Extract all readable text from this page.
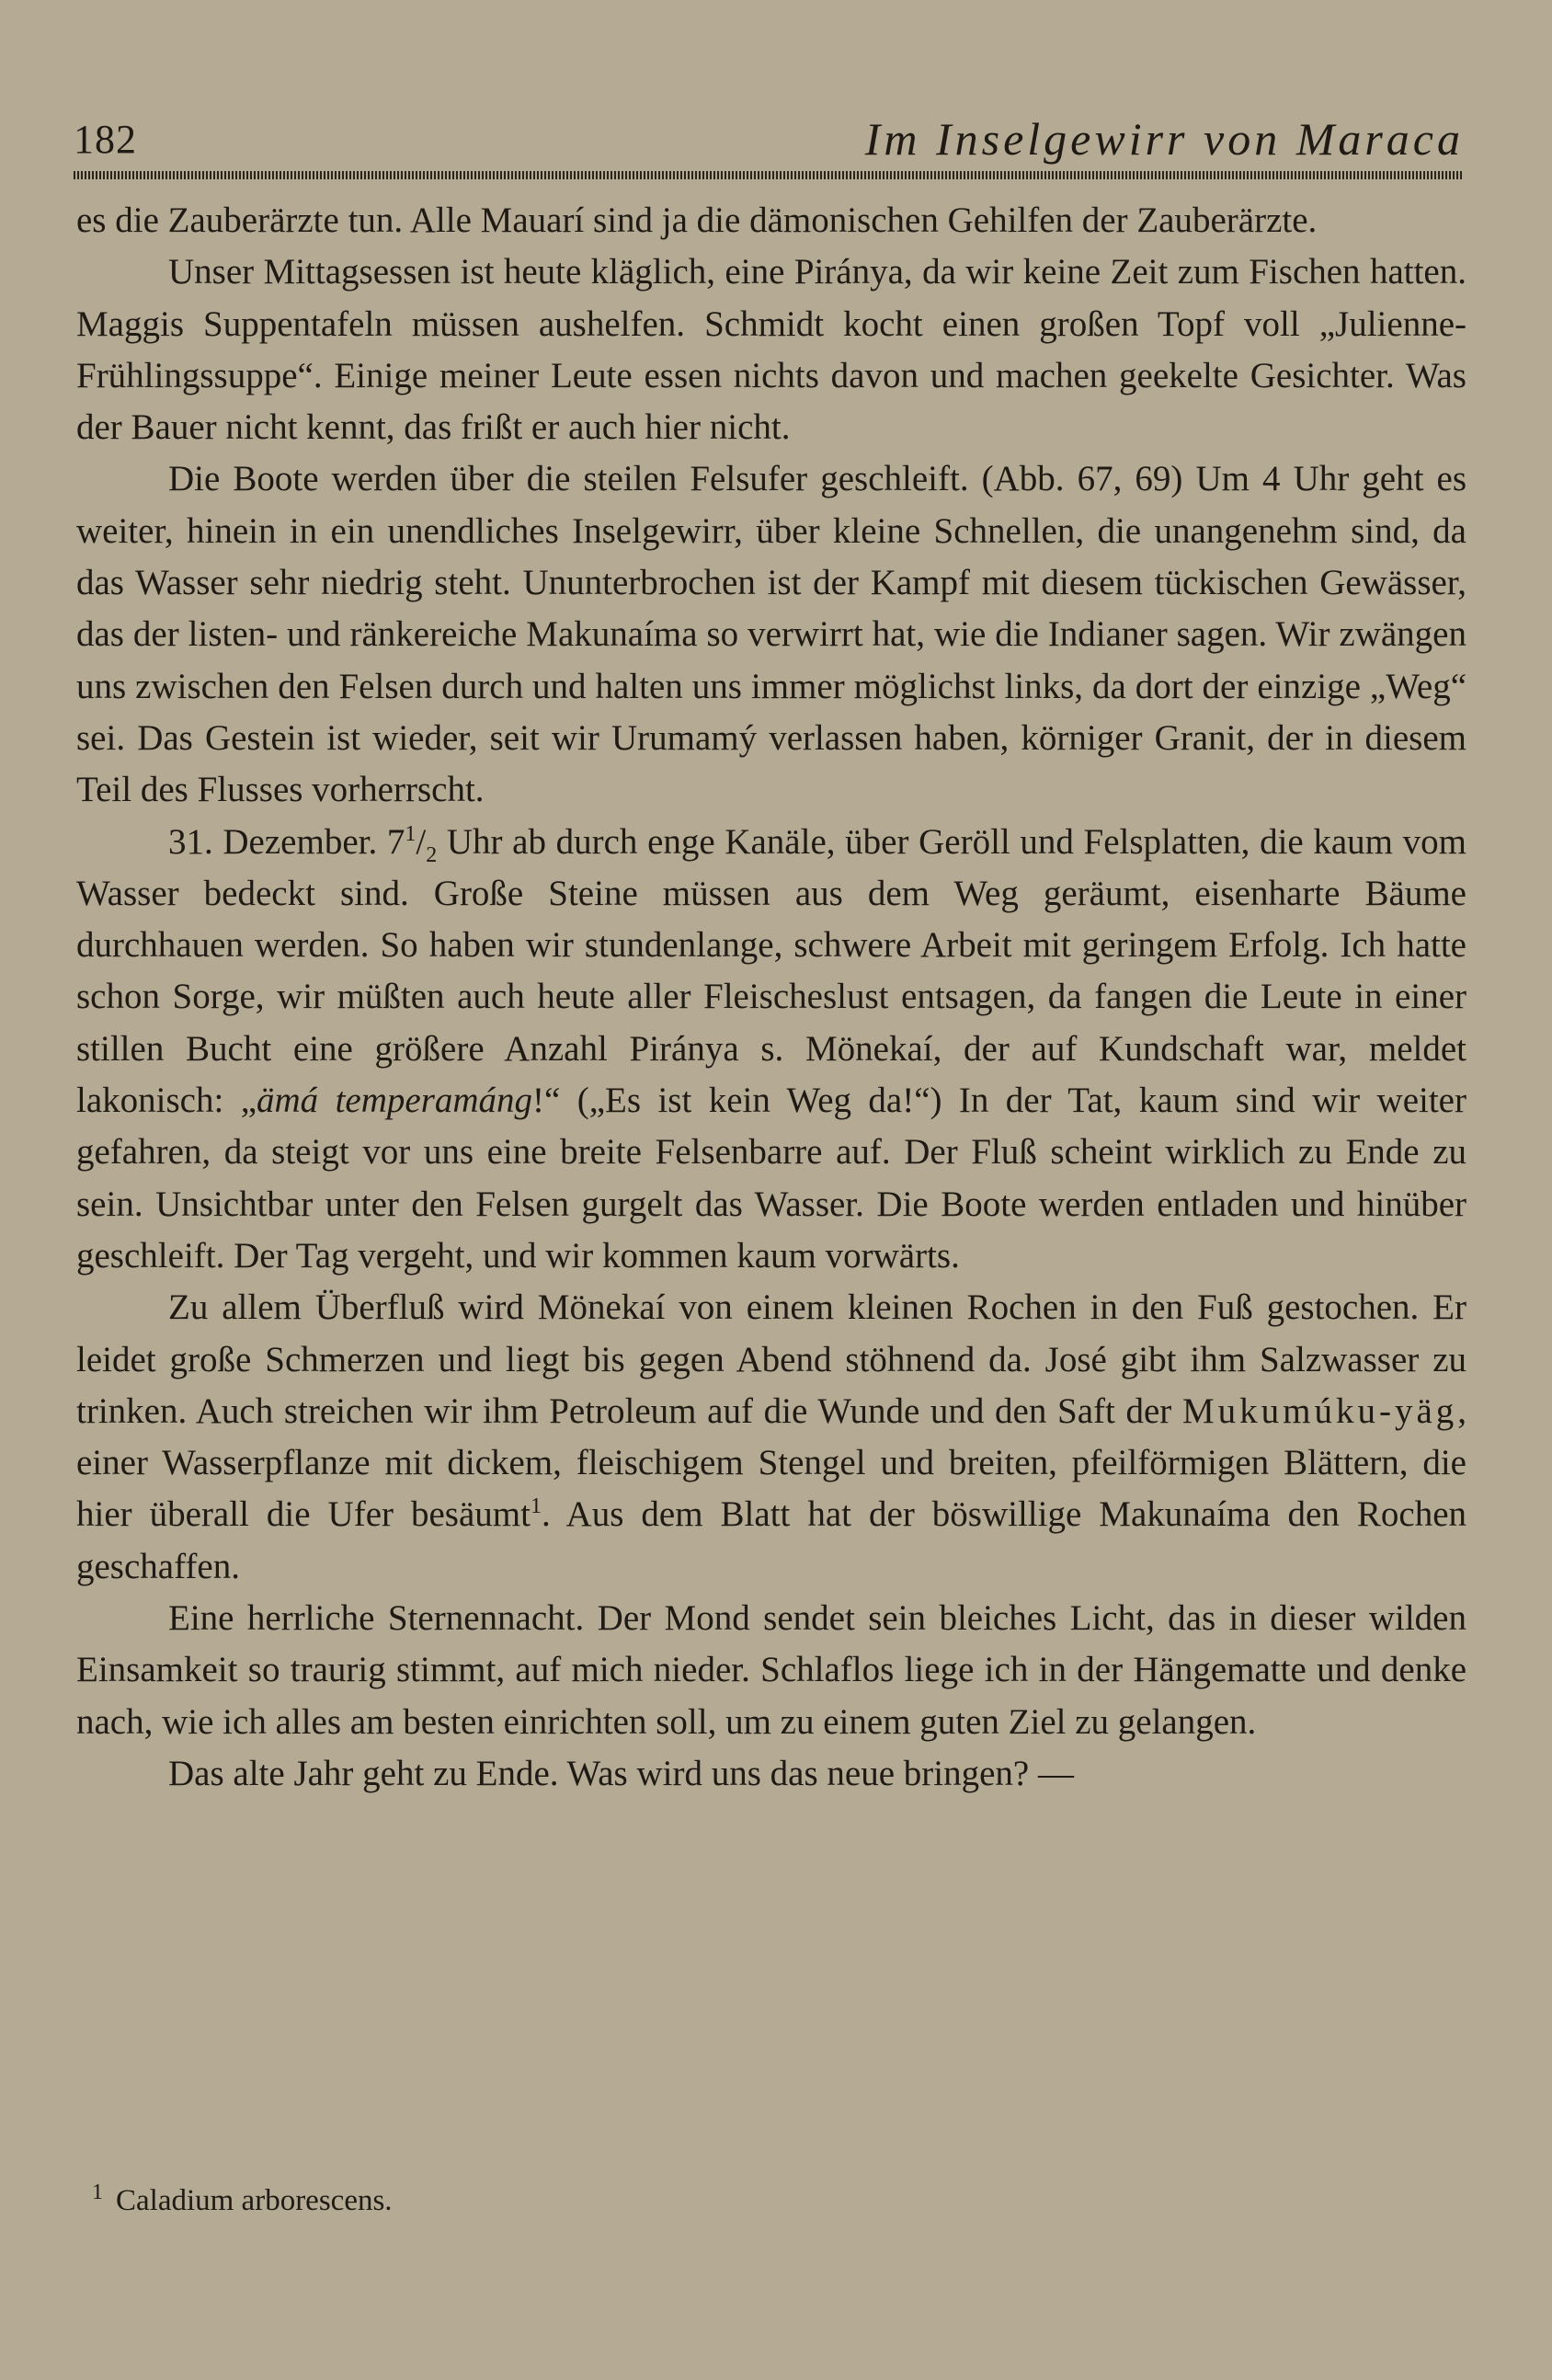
182	Im Inselgewirr von Maraca

es die Zauberärzte tun. Alle Mauarí sind ja die dämonischen Gehilfen der Zauberärzte.

Unser Mittagsessen ist heute kläglich, eine Piránya, da wir keine Zeit zum Fischen hatten. Maggis Suppentafeln müssen aushelfen. Schmidt kocht einen großen Topf voll „Julienne-Frühlingssuppe“. Einige meiner Leute essen nichts davon und machen geekelte Gesichter. Was der Bauer nicht kennt, das frißt er auch hier nicht.

Die Boote werden über die steilen Felsufer geschleift. (Abb. 67, 69) Um 4 Uhr geht es weiter, hinein in ein unendliches Inselgewirr, über kleine Schnellen, die unangenehm sind, da das Wasser sehr niedrig steht. Ununterbrochen ist der Kampf mit diesem tückischen Gewässer, das der listen- und ränkereiche Makunaíma so verwirrt hat, wie die Indianer sagen. Wir zwängen uns zwischen den Felsen durch und halten uns immer möglichst links, da dort der einzige „Weg“ sei. Das Gestein ist wieder, seit wir Urumamý verlassen haben, körniger Granit, der in diesem Teil des Flusses vorherrscht.

31. Dezember. $7^1/_2$ Uhr ab durch enge Kanäle, über Geröll und Felsplatten, die kaum vom Wasser bedeckt sind. Große Steine müssen aus dem Weg geräumt, eisenharte Bäume durchhauen werden. So haben wir stundenlange, schwere Arbeit mit geringem Erfolg. Ich hatte schon Sorge, wir müßten auch heute aller Fleischeslust entsagen, da fangen die Leute in einer stillen Bucht eine größere Anzahl Piránya s. Mönekaí, der auf Kundschaft war, meldet lakonisch: „ämá temperamáng!“ („Es ist kein Weg da!“) In der Tat, kaum sind wir weiter gefahren, da steigt vor uns eine breite Felsenbarre auf. Der Fluß scheint wirklich zu Ende zu sein. Unsichtbar unter den Felsen gurgelt das Wasser. Die Boote werden entladen und hinüber geschleift. Der Tag vergeht, und wir kommen kaum vorwärts.

Zu allem Überfluß wird Mönekaí von einem kleinen Rochen in den Fuß gestochen. Er leidet große Schmerzen und liegt bis gegen Abend stöhnend da. José gibt ihm Salzwasser zu trinken. Auch streichen wir ihm Petroleum auf die Wunde und den Saft der Mukumúku-yäg, einer Wasserpflanze mit dickem, fleischigem Stengel und breiten, pfeilförmigen Blättern, die hier überall die Ufer besäumt$^1$. Aus dem Blatt hat der böswillige Makunaíma den Rochen geschaffen.

Eine herrliche Sternennacht. Der Mond sendet sein bleiches Licht, das in dieser wilden Einsamkeit so traurig stimmt, auf mich nieder. Schlaflos liege ich in der Hängematte und denke nach, wie ich alles am besten einrichten soll, um zu einem guten Ziel zu gelangen.

Das alte Jahr geht zu Ende. Was wird uns das neue bringen? —

$^1$ Caladium arborescens.
